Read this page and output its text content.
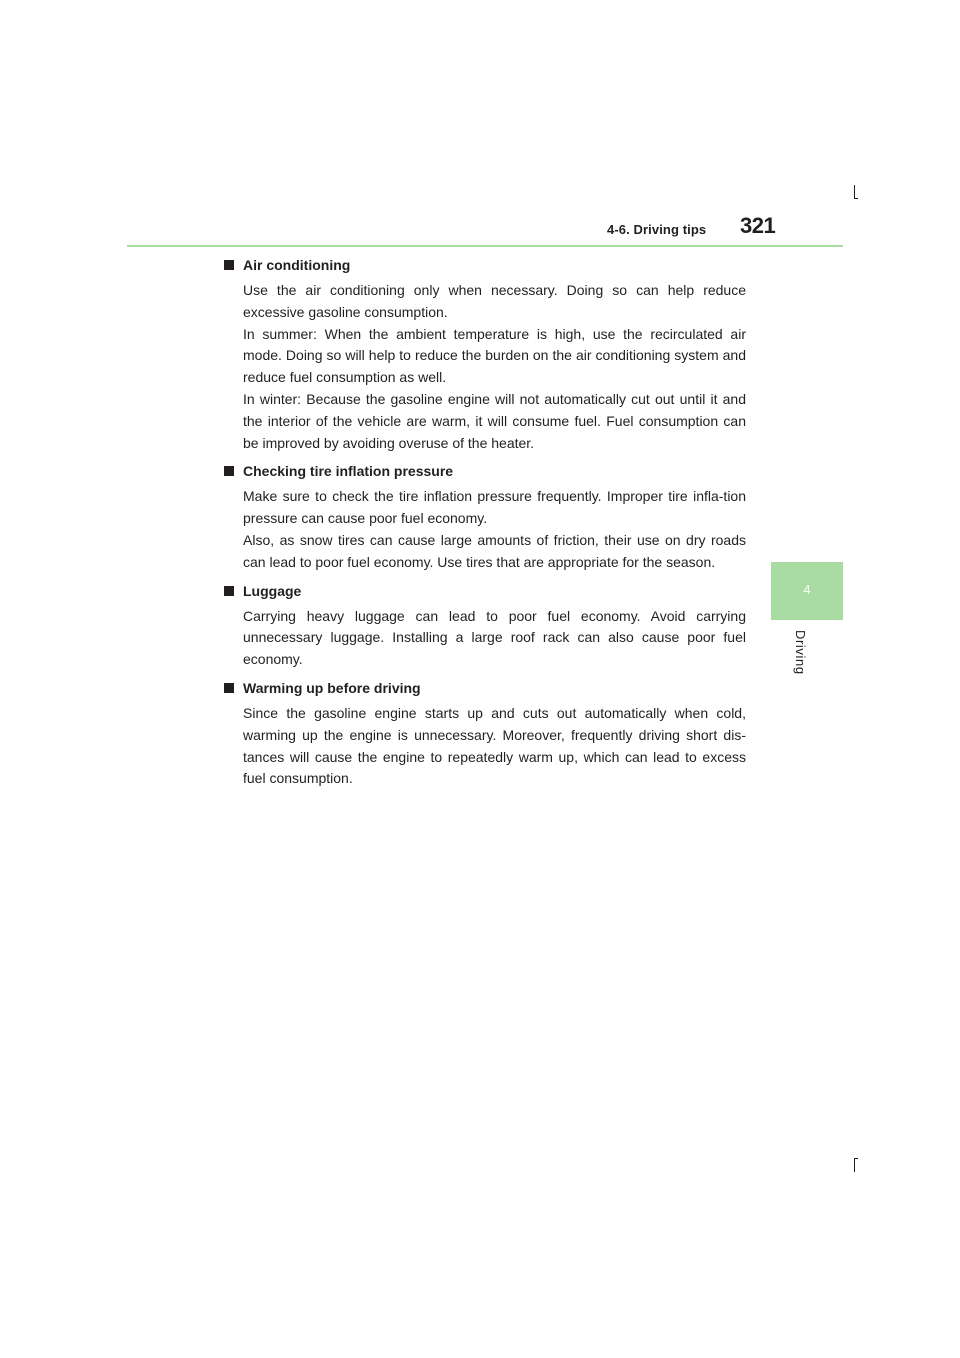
4-6. Driving tips 321
4
Driving
Air conditioning

Use the air conditioning only when necessary. Doing so can help reduce excessive gasoline consumption.

In summer: When the ambient temperature is high, use the recirculated air mode. Doing so will help to reduce the burden on the air conditioning system and reduce fuel consumption as well.

In winter: Because the gasoline engine will not automatically cut out until it and the interior of the vehicle are warm, it will consume fuel. Fuel consumption can be improved by avoiding overuse of the heater.

Checking tire inflation pressure

Make sure to check the tire inflation pressure frequently. Improper tire infla-tion pressure can cause poor fuel economy.

Also, as snow tires can cause large amounts of friction, their use on dry roads can lead to poor fuel economy. Use tires that are appropriate for the season.

Luggage

Carrying heavy luggage can lead to poor fuel economy. Avoid carrying unnecessary luggage. Installing a large roof rack can also cause poor fuel economy.

Warming up before driving

Since the gasoline engine starts up and cuts out automatically when cold, warming up the engine is unnecessary. Moreover, frequently driving short dis-tances will cause the engine to repeatedly warm up, which can lead to excess fuel consumption.
